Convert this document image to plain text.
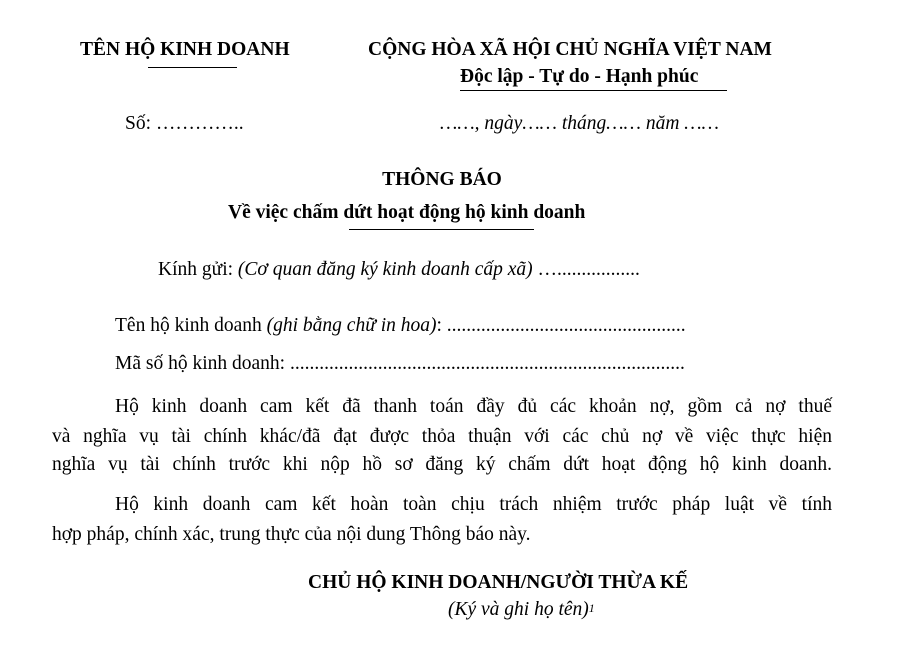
TÊN HỘ KINH DOANH	CỘNG HÒA XÃ HỘI CHỦ NGHĨA VIỆT NAM
Độc lập - Tự do - Hạnh phúc
Số: …………..	……, ngày…… tháng…… năm ……
THÔNG BÁO
Về việc chấm dứt hoạt động hộ kinh doanh
Kính gửi: (Cơ quan đăng ký kinh doanh cấp xã) ….................
Tên hộ kinh doanh (ghi bằng chữ in hoa): .................................................
Mã số hộ kinh doanh: .................................................................................
Hộ kinh doanh cam kết đã thanh toán đầy đủ các khoản nợ, gồm cả nợ thuế
và nghĩa vụ tài chính khác/đã đạt được thỏa thuận với các chủ nợ về việc thực hiện
nghĩa vụ tài chính trước khi nộp hồ sơ đăng ký chấm dứt hoạt động hộ kinh doanh.
Hộ kinh doanh cam kết hoàn toàn chịu trách nhiệm trước pháp luật về tính
hợp pháp, chính xác, trung thực của nội dung Thông báo này.
CHỦ HỘ KINH DOANH/NGƯỜI THỪA KẾ
(Ký và ghi họ tên)$^1$
